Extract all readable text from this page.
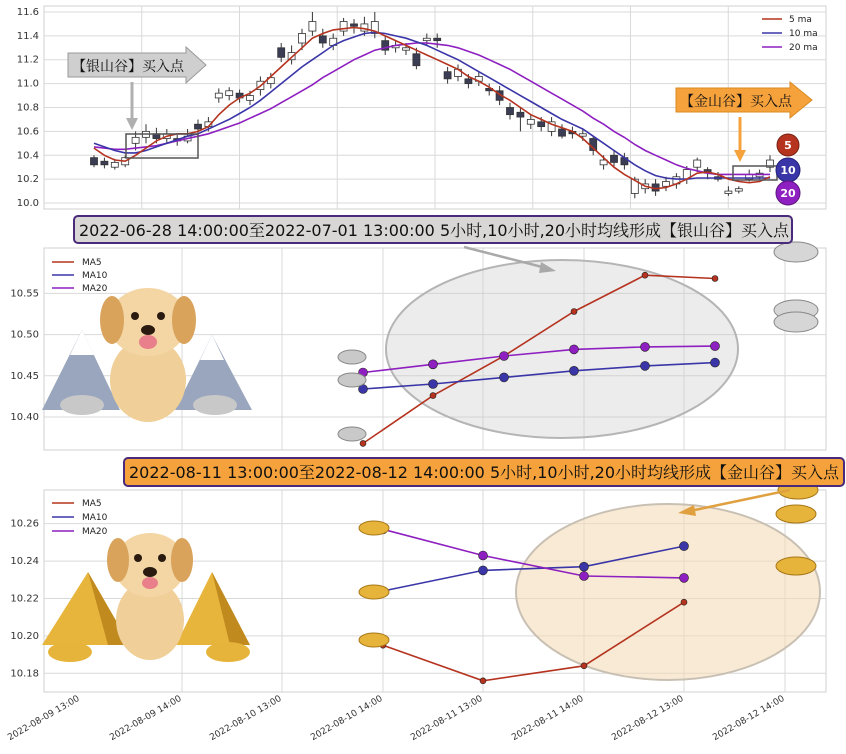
10.0
10.2
10.4
10.6
10.8
11.0
11.2
11.4
11.6
5 ma
10 ma
20 ma
【银山谷】买入点
【金山谷】买入点
5
10
20
10.40
10.45
10.50
10.55
MA5
MA10
MA20
2022-06-28 14:00:00至2022-07-01 13:00:00 5小时,10小时,20小时均线形成【银山谷】买入点
10.18
10.20
10.22
10.24
10.26
MA5
MA10
MA20
2022-08-09 13:00	2022-08-09 14:00	2022-08-10 13:00	2022-08-10 14:00	2022-08-11 13:00	2022-08-11 14:00	2022-08-12 13:00	2022-08-12 14:00
2022-08-11 13:00:00至2022-08-12 14:00:00 5小时,10小时,20小时均线形成【金山谷】买入点
